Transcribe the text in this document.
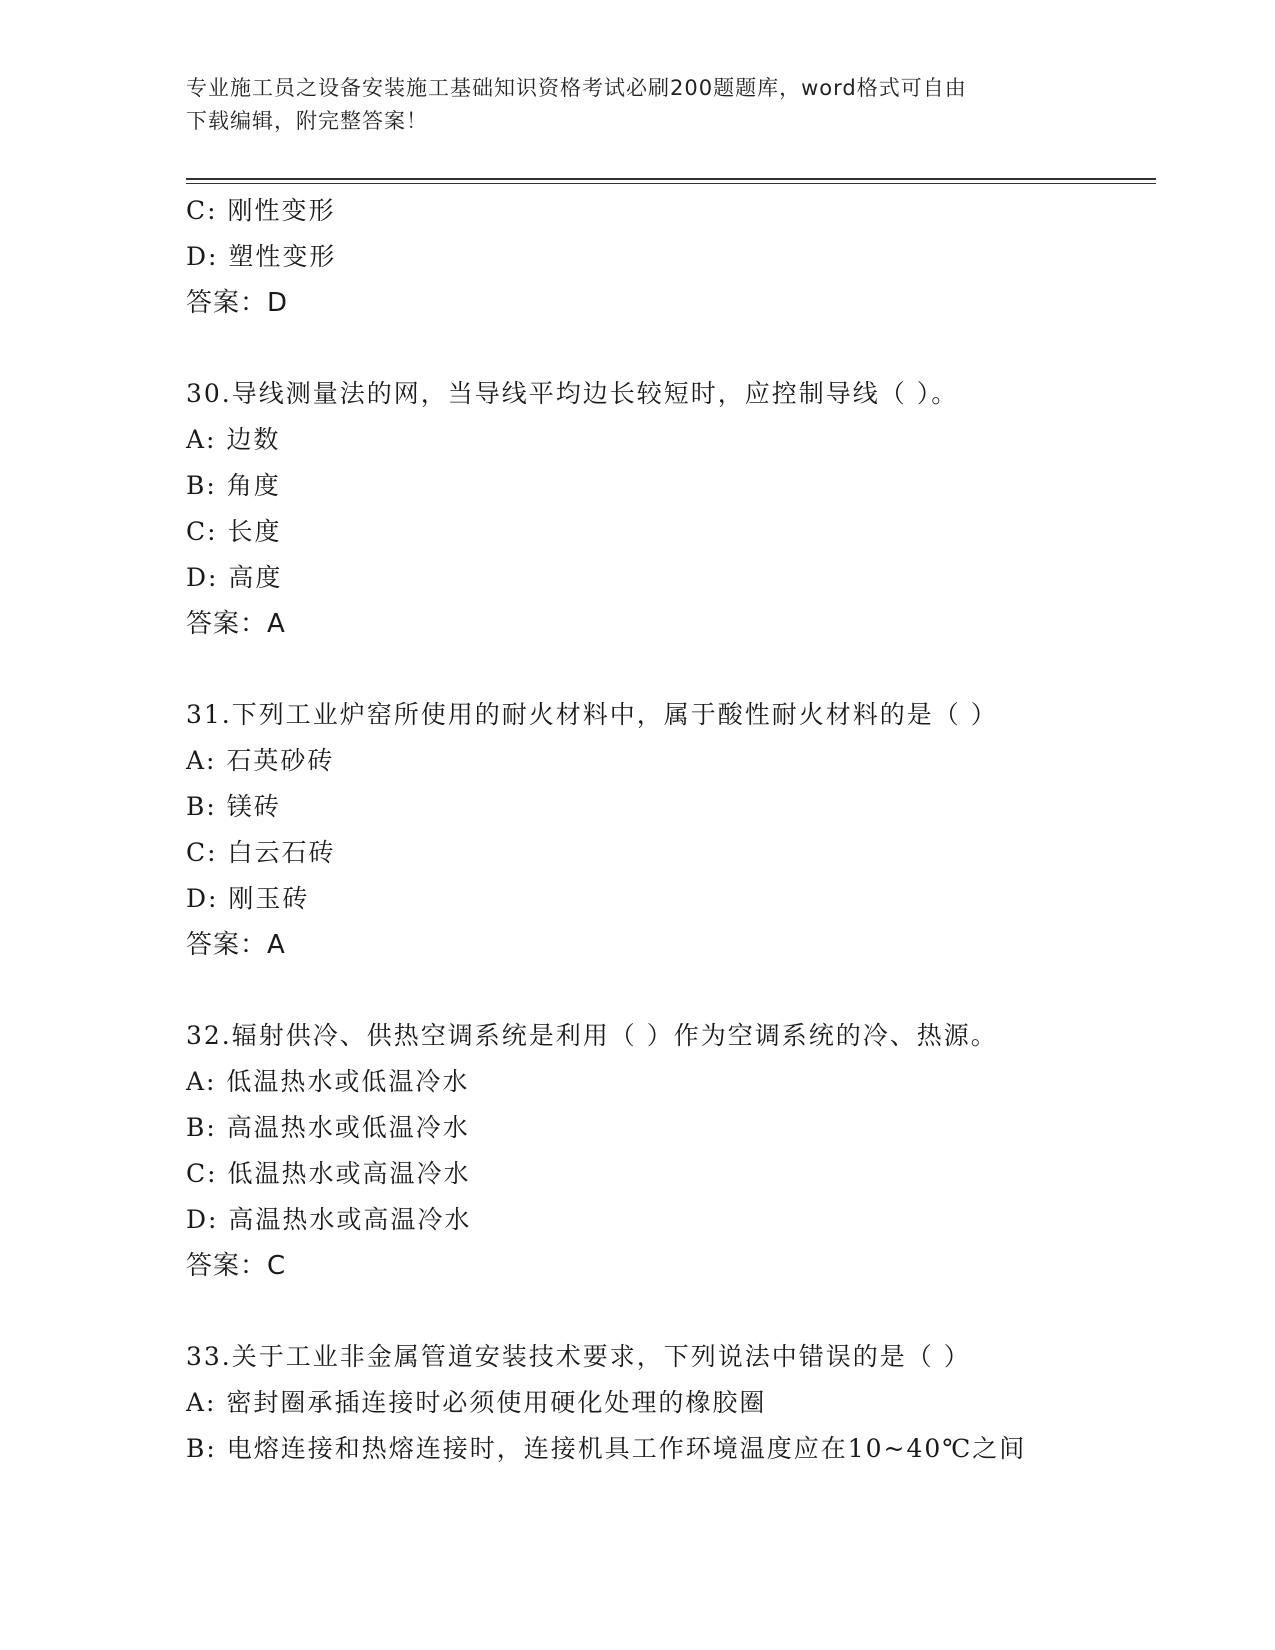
专业施工员之设备安装施工基础知识资格考试必刷200题题库，word格式可自由
下载编辑，附完整答案！
C: 刚性变形
D: 塑性变形
答案：D
30.导线测量法的网，当导线平均边长较短时，应控制导线（ ）。
A: 边数
B: 角度
C: 长度
D: 高度
答案：A
31.下列工业炉窑所使用的耐火材料中，属于酸性耐火材料的是（ ）
A: 石英砂砖
B: 镁砖
C: 白云石砖
D: 刚玉砖
答案：A
32.辐射供冷、供热空调系统是利用（ ）作为空调系统的冷、热源。
A: 低温热水或低温冷水
B: 高温热水或低温冷水
C: 低温热水或高温冷水
D: 高温热水或高温冷水
答案：C
33.关于工业非金属管道安装技术要求，下列说法中错误的是（ ）
A: 密封圈承插连接时必须使用硬化处理的橡胶圈
B: 电熔连接和热熔连接时，连接机具工作环境温度应在10~40℃之间
